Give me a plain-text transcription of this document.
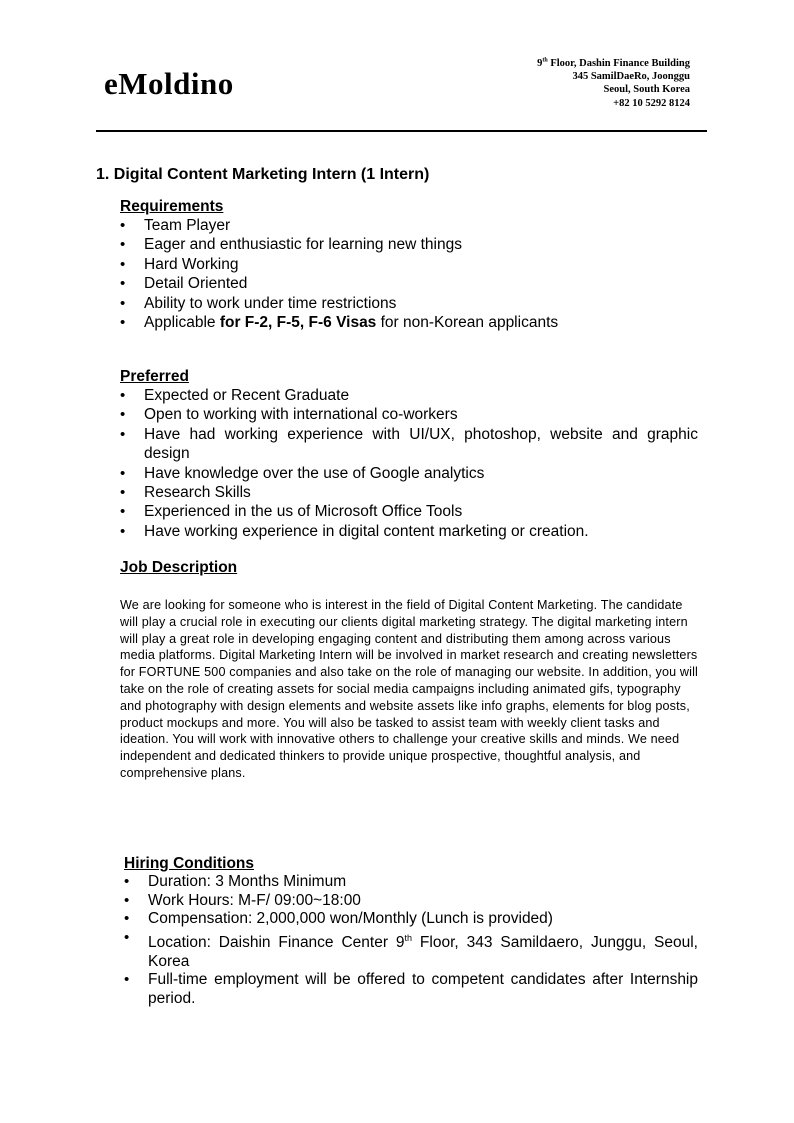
eMoldino
9th Floor, Dashin Finance Building
345 SamilDaeRo, Joonggu
Seoul, South Korea
+82 10 5292 8124
1. Digital Content Marketing Intern (1 Intern)
Requirements
• Team Player
• Eager and enthusiastic for learning new things
• Hard Working
• Detail Oriented
• Ability to work under time restrictions
• Applicable for F-2, F-5, F-6 Visas for non-Korean applicants
Preferred
• Expected or Recent Graduate
• Open to working with international co-workers
• Have had working experience with UI/UX, photoshop, website and graphic design
• Have knowledge over the use of Google analytics
• Research Skills
• Experienced in the us of Microsoft Office Tools
• Have working experience in digital content marketing or creation.
Job Description
We are looking for someone who is interest in the field of Digital Content Marketing. The candidate will play a crucial role in executing our clients digital marketing strategy. The digital marketing intern will play a great role in developing engaging content and distributing them among across various media platforms. Digital Marketing Intern will be involved in market research and creating newsletters for FORTUNE 500 companies and also take on the role of managing our website. In addition, you will take on the role of creating assets for social media campaigns including animated gifs, typography and photography with design elements and website assets like info graphs, elements for blog posts, product mockups and more. You will also be tasked to assist team with weekly client tasks and ideation. You will work with innovative others to challenge your creative skills and minds. We need independent and dedicated thinkers to provide unique prospective, thoughtful analysis, and comprehensive plans.
Hiring Conditions
• Duration: 3 Months Minimum
• Work Hours: M-F/ 09:00~18:00
• Compensation: 2,000,000 won/Monthly (Lunch is provided)
• Location: Daishin Finance Center 9th Floor, 343 Samildaero, Junggu, Seoul, Korea
• Full-time employment will be offered to competent candidates after Internship period.
